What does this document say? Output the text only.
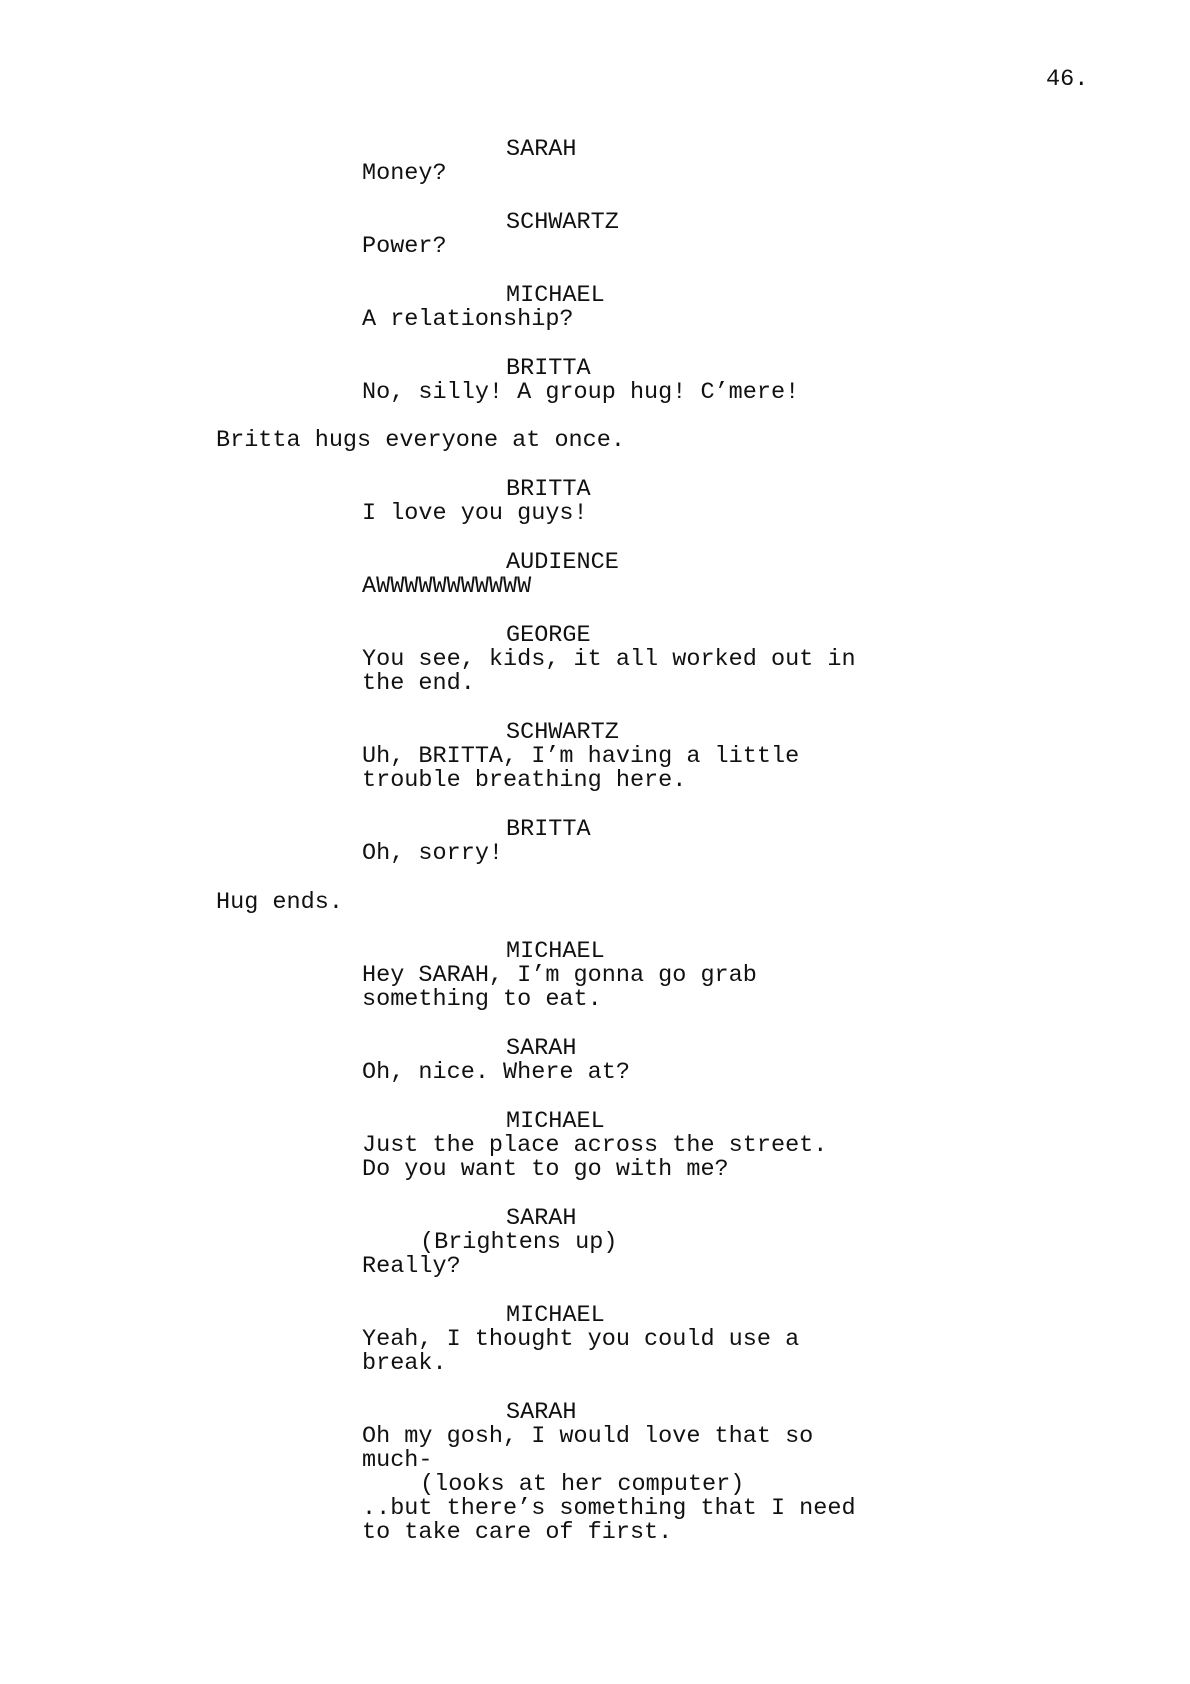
46.
SARAH
Money?
SCHWARTZ
Power?
MICHAEL
A relationship?
BRITTA
No, silly! A group hug! C’mere!
Britta hugs everyone at once.
BRITTA
I love you guys!
AUDIENCE
AWWWWWWWWWWW
GEORGE
You see, kids, it all worked out in
the end.
SCHWARTZ
Uh, BRITTA, I’m having a little
trouble breathing here.
BRITTA
Oh, sorry!
Hug ends.
MICHAEL
Hey SARAH, I’m gonna go grab
something to eat.
SARAH
Oh, nice. Where at?
MICHAEL
Just the place across the street.
Do you want to go with me?
SARAH
(Brightens up)
Really?
MICHAEL
Yeah, I thought you could use a
break.
SARAH
Oh my gosh, I would love that so
much-
(looks at her computer)
..but there’s something that I need
to take care of first.
